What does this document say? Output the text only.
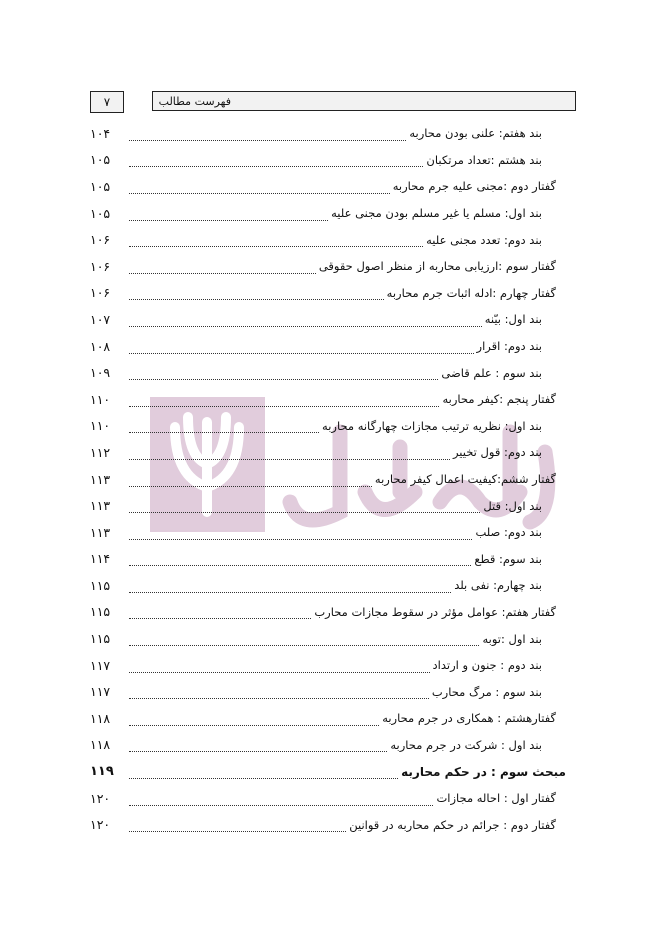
۷	فهرست مطالب
۱۰۴	بند هفتم: علنی بودن محاربه
۱۰۵	بند هشتم :تعداد مرتکبان
۱۰۵	گفتار دوم :مجنی علیه جرم محاربه
۱۰۵	بند اول: مسلم یا غیر مسلم بودن مجنی علیه
۱۰۶	بند دوم: تعدد مجنی علیه
۱۰۶	گفتار سوم :ارزیابی محاربه از منظر اصول حقوقی
۱۰۶	گفتار چهارم :ادله اثبات جرم محاربه
۱۰۷	بند اول: بیّنه
۱۰۸	بند دوم: اقرار
۱۰۹	بند سوم : علم قاضی
۱۱۰	گفتار پنجم :کیفر محاربه
۱۱۰	بند اول: نظریه ترتیب مجازات چهارگانه محاربه
۱۱۲	بند دوم: قول تخییر
۱۱۳	گفتار ششم:کیفیت اعمال کیفر محاربه
۱۱۳	بند اول: قتل
۱۱۳	بند دوم: صلب
۱۱۴	بند سوم: قطع
۱۱۵	بند چهارم: نفی بلد
۱۱۵	گفتار هفتم: عوامل مؤثر در سقوط مجازات محارب
۱۱۵	بند اول :توبه
۱۱۷	بند دوم : جنون و ارتداد
۱۱۷	بند سوم : مرگ محارب
۱۱۸	گفتارهشتم : همکاری در جرم محاربه
۱۱۸	بند اول : شرکت در جرم محاربه
۱۱۹	مبحث سوم : در حکم محاربه
۱۲۰	گفتار اول : احاله مجازات
۱۲۰	گفتار دوم : جرائم در حکم محاربه در قوانین
